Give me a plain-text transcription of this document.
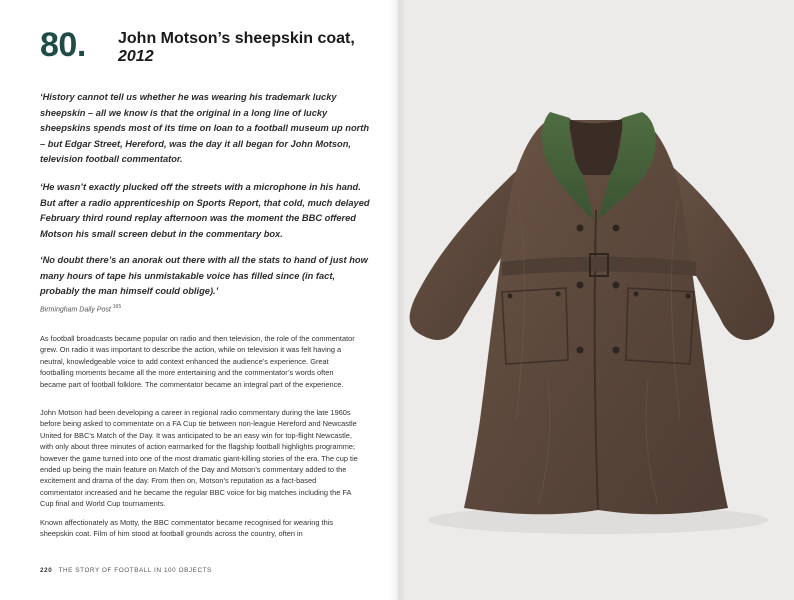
80. John Motson’s sheepskin coat,
2012

‘History cannot tell us whether he was wearing his trademark lucky sheepskin – all we know is that the original in a long line of lucky sheepskins spends most of its time on loan to a football museum up north – but Edgar Street, Hereford, was the day it all began for John Motson, television football commentator.

‘He wasn’t exactly plucked off the streets with a microphone in his hand. But after a radio apprenticeship on Sports Report, that cold, much delayed February third round replay afternoon was the moment the BBC offered Motson his small screen debut in the commentary box.

‘No doubt there’s an anorak out there with all the stats to hand of just how many hours of tape his unmistakable voice has filled since (in fact, probably the man himself could oblige).’

Birmingham Daily Post $^{165}$

As football broadcasts became popular on radio and then television, the role of the commentator grew. On radio it was important to describe the action, while on television it was felt having a neutral, knowledgeable voice to add context enhanced the audience’s experience. Great footballing moments became all the more entertaining and the commentator’s words often became part of football folklore. The commentator became an integral part of the experience.

John Motson had been developing a career in regional radio commentary during the late 1960s before being asked to commentate on a FA Cup tie between non-league Hereford and Newcastle United for BBC’s Match of the Day. It was anticipated to be an easy win for top-flight Newcastle, with only about three minutes of action earmarked for the flagship football highlights programme; however the game turned into one of the most dramatic giant-killing stories of the era. The cup tie ended up being the main feature on Match of the Day and Motson’s commentary added to the excitement and drama of the day. From then on, Motson’s reputation as a fact-based commentator increased and he became the regular BBC voice for big matches including the FA Cup final and World Cup tournaments.

Known affectionately as Motty, the BBC commentator became recognised for wearing this sheepskin coat. Film of him stood at football grounds across the country, often in

220 THE STORY OF FOOTBALL IN 100 OBJECTS
